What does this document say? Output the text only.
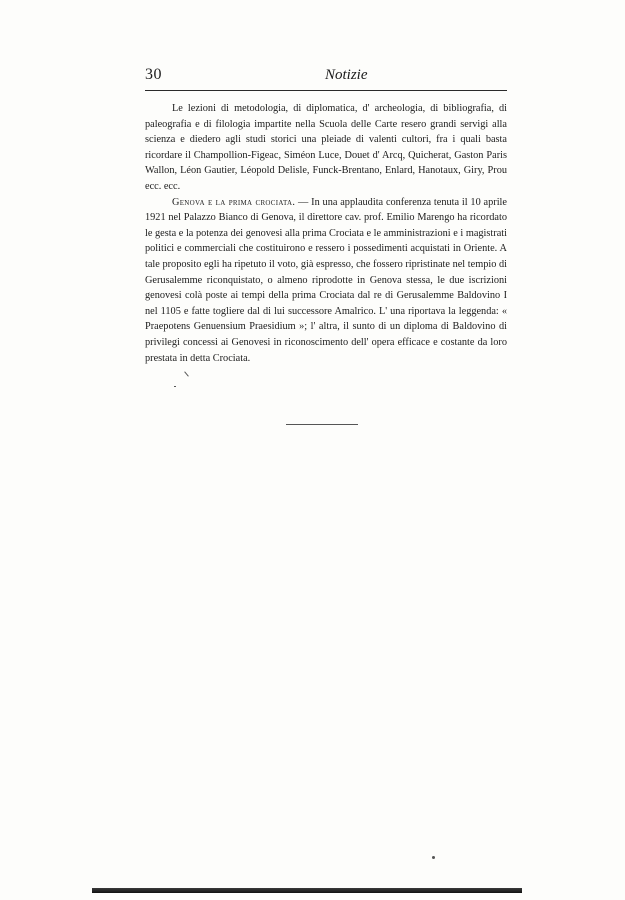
30	Notizie

Le lezioni di metodologia, di diplomatica, d' archeologia, di bibliografia, di paleografia e di filologia impartite nella Scuola delle Carte resero grandi servigi alla scienza e diedero agli studi storici una pleiade di valenti cultori, fra i quali basta ricordare il Champollion-Figeac, Siméon Luce, Douet d' Arcq, Quicherat, Gaston Paris Wallon, Léon Gautier, Léopold Delisle, Funck-Brentano, Enlard, Hanotaux, Giry, Prou ecc. ecc.

Genova e la prima crociata. — In una applaudita conferenza tenuta il 10 aprile 1921 nel Palazzo Bianco di Genova, il direttore cav. prof. Emilio Marengo ha ricordato le gesta e la potenza dei genovesi alla prima Crociata e le amministrazioni e i magistrati politici e commerciali che costituirono e ressero i possedimenti acquistati in Oriente. A tale proposito egli ha ripetuto il voto, già espresso, che fossero ripristinate nel tempio di Gerusalemme riconquistato, o almeno riprodotte in Genova stessa, le due iscrizioni genovesi colà poste ai tempi della prima Crociata dal re di Gerusalemme Baldovino I nel 1105 e fatte togliere dal di lui successore Amalrico. L' una riportava la leggenda: « Praepotens Genuensium Praesidium »; l' altra, il sunto di un diploma di Baldovino di privilegi concessi ai Genovesi in riconoscimento dell' opera efficace e costante da loro prestata in detta Crociata.
